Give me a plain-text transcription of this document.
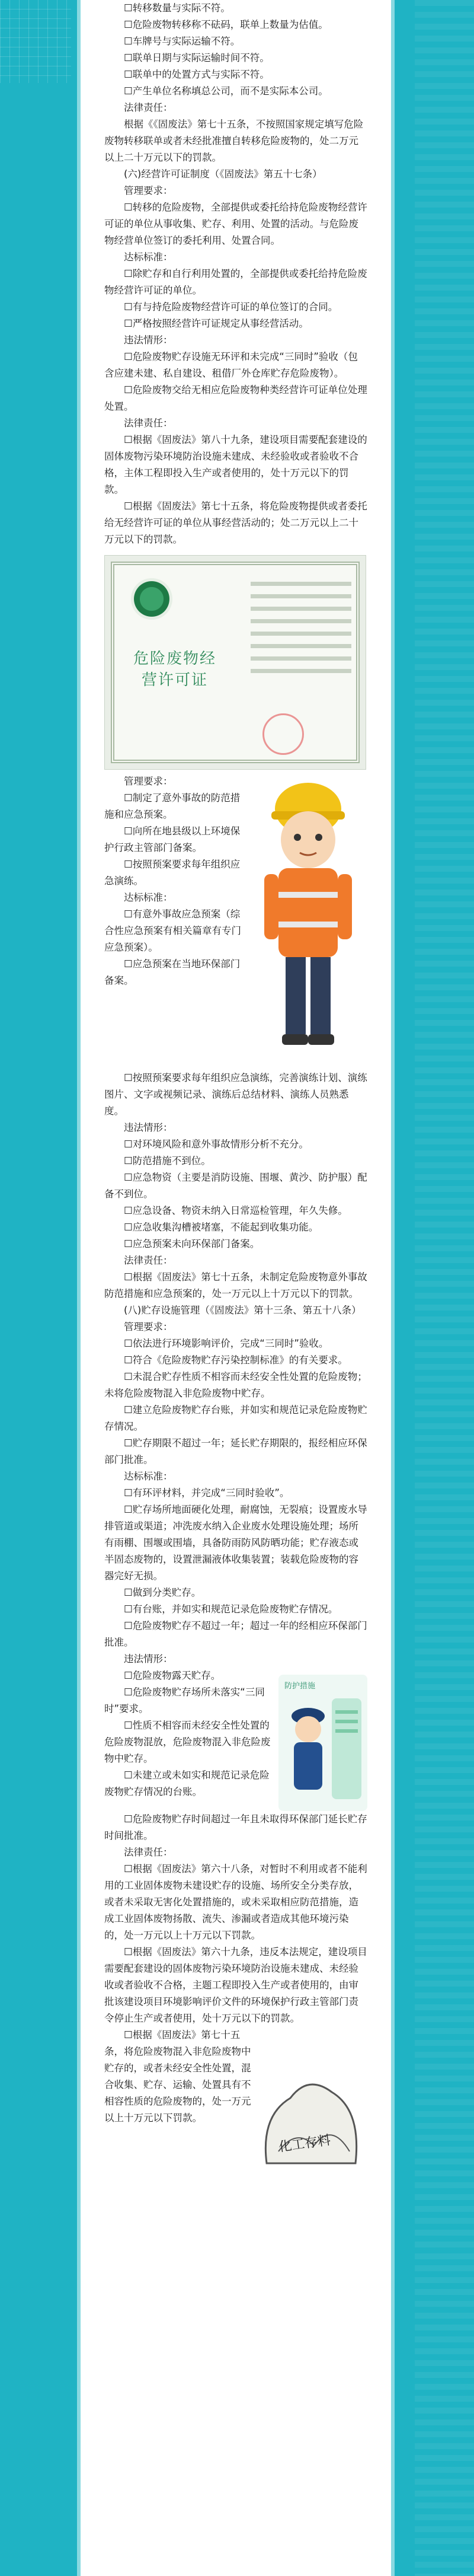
☐转移数量与实际不符。

☐危险废物转移称不砝码，联单上数量为估值。

☐车牌号与实际运输不符。

☐联单日期与实际运输时间不符。

☐联单中的处置方式与实际不符。

☐产生单位名称填总公司，而不是实际本公司。

法律责任：

根据《《固废法》第七十五条，不按照国家规定填写危险废物转移联单或者未经批准擅自转移危险废物的，处二万元以上二十万元以下的罚款。

(六)经营许可证制度（《固废法》第五十七条）

管理要求：

☐转移的危险废物，全部提供或委托给持危险废物经营许可证的单位从事收集、贮存、利用、处置的活动。与危险废物经营单位签订的委托利用、处置合同。

达标标准：

☐除贮存和自行利用处置的，全部提供或委托给持危险废物经营许可证的单位。

☐有与持危险废物经营许可证的单位签订的合同。

☐严格按照经营许可证规定从事经营活动。

违法情形：

☐危险废物贮存设施无环评和未完成“三同时”验收（包含应建未建、私自建设、租借厂外仓库贮存危险废物）。

☐危险废物交给无相应危险废物种类经营许可证单位处理处置。

法律责任：

☐根据《固废法》第八十九条，建设项目需要配套建设的固体废物污染环境防治设施未建成、未经验收或者验收不合格，主体工程即投入生产或者使用的，处十万元以下的罚款。

☐根据《固废法》第七十五条，将危险废物提供或者委托给无经营许可证的单位从事经营活动的；处二万元以上二十万元以下的罚款。

危险废物经营许可证

管理要求：

☐制定了意外事故的防范措施和应急预案。

☐向所在地县级以上环境保护行政主管部门备案。

☐按照预案要求每年组织应急演练。

达标标准：

☐有意外事故应急预案（综合性应急预案有相关篇章有专门应急预案）。

☐应急预案在当地环保部门备案。

☐按照预案要求每年组织应急演练，完善演练计划、演练图片、文字或视频记录、演练后总结材料、演练人员熟悉度。

违法情形：

☐对环境风险和意外事故情形分析不充分。

☐防范措施不到位。

☐应急物资（主要是消防设施、围堰、黄沙、防护服）配备不到位。

☐应急设备、物资未纳入日常巡检管理，年久失修。

☐应急收集沟槽被堵塞，不能起到收集功能。

☐应急预案未向环保部门备案。

法律责任：

☐根据《固废法》第七十五条，未制定危险废物意外事故防范措施和应急预案的，处一万元以上十万元以下的罚款。

(八)贮存设施管理（《固废法》第十三条、第五十八条）

管理要求：

☐依法进行环境影响评价，完成“三同时”验收。

☐符合《危险废物贮存污染控制标准》的有关要求。

☐未混合贮存性质不相容而未经安全性处置的危险废物；未将危险废物混入非危险废物中贮存。

☐建立危险废物贮存台账，并如实和规范记录危险废物贮存情况。

☐贮存期限不超过一年；延长贮存期限的，报经相应环保部门批准。

达标标准：

☐有环评材料，并完成“三同时验收”。

☐贮存场所地面硬化处理，耐腐蚀，无裂痕；设置废水导排管道或渠道；冲洗废水纳入企业废水处理设施处理；场所有雨棚、围堰或围墙，具备防雨防风防晒功能；贮存液态或半固态废物的，设置泄漏液体收集装置；装载危险废物的容器完好无损。

☐做到分类贮存。

☐有台账，并如实和规范记录危险废物贮存情况。

☐危险废物贮存不超过一年；超过一年的经相应环保部门批准。

违法情形：

☐危险废物露天贮存。

☐危险废物贮存场所未落实“三同时”要求。

☐性质不相容而未经安全性处置的危险废物混放，危险废物混入非危险废物中贮存。

☐未建立或未如实和规范记录危险废物贮存情况的台账。

防护措施

☐危险废物贮存时间超过一年且未取得环保部门延长贮存时间批准。

法律责任：

☐根据《固废法》第六十八条，对暂时不利用或者不能利用的工业固体废物未建设贮存的设施、场所安全分类存放，或者未采取无害化处置措施的，或未采取相应防范措施，造成工业固体废物扬散、流失、渗漏或者造成其他环境污染的，处一万元以上十万元以下罚款。

☐根据《固废法》第六十九条，违反本法规定，建设项目需要配套建设的固体废物污染环境防治设施未建成、未经验收或者验收不合格，主题工程即投入生产或者使用的，由审批该建设项目环境影响评价文件的环境保护行政主管部门责令停止生产或者使用，处十万元以下的罚款。

☐根据《固废法》第七十五条，将危险废物混入非危险废物中贮存的，或者未经安全性处置，混合收集、贮存、运输、处置具有不相容性质的危险废物的，处一万元以上十万元以下罚款。

化工存料
